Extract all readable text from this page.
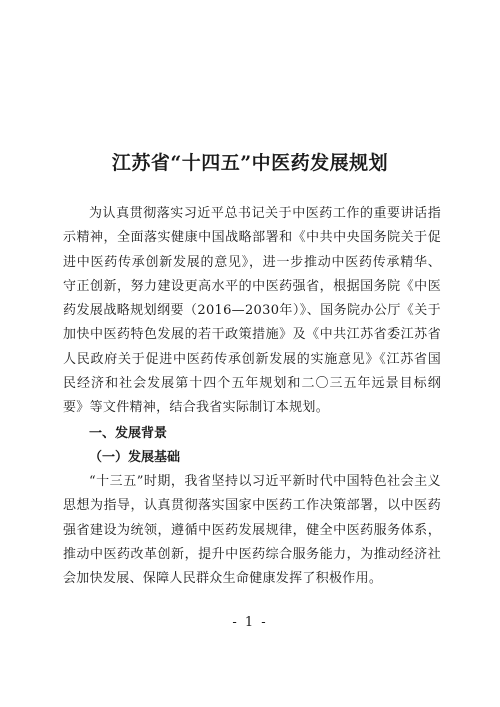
江苏省“十四五”中医药发展规划

为认真贯彻落实习近平总书记关于中医药工作的重要讲话指示精神，全面落实健康中国战略部署和《中共中央国务院关于促进中医药传承创新发展的意见》，进一步推动中医药传承精华、守正创新，努力建设更高水平的中医药强省，根据国务院《中医药发展战略规划纲要（2016—2030年）》、国务院办公厅《关于加快中医药特色发展的若干政策措施》及《中共江苏省委江苏省人民政府关于促进中医药传承创新发展的实施意见》《江苏省国民经济和社会发展第十四个五年规划和二〇三五年远景目标纲要》等文件精神，结合我省实际制订本规划。

一、发展背景

（一）发展基础

“十三五”时期，我省坚持以习近平新时代中国特色社会主义思想为指导，认真贯彻落实国家中医药工作决策部署，以中医药强省建设为统领，遵循中医药发展规律，健全中医药服务体系，推动中医药改革创新，提升中医药综合服务能力，为推动经济社会加快发展、保障人民群众生命健康发挥了积极作用。

- 1 -
